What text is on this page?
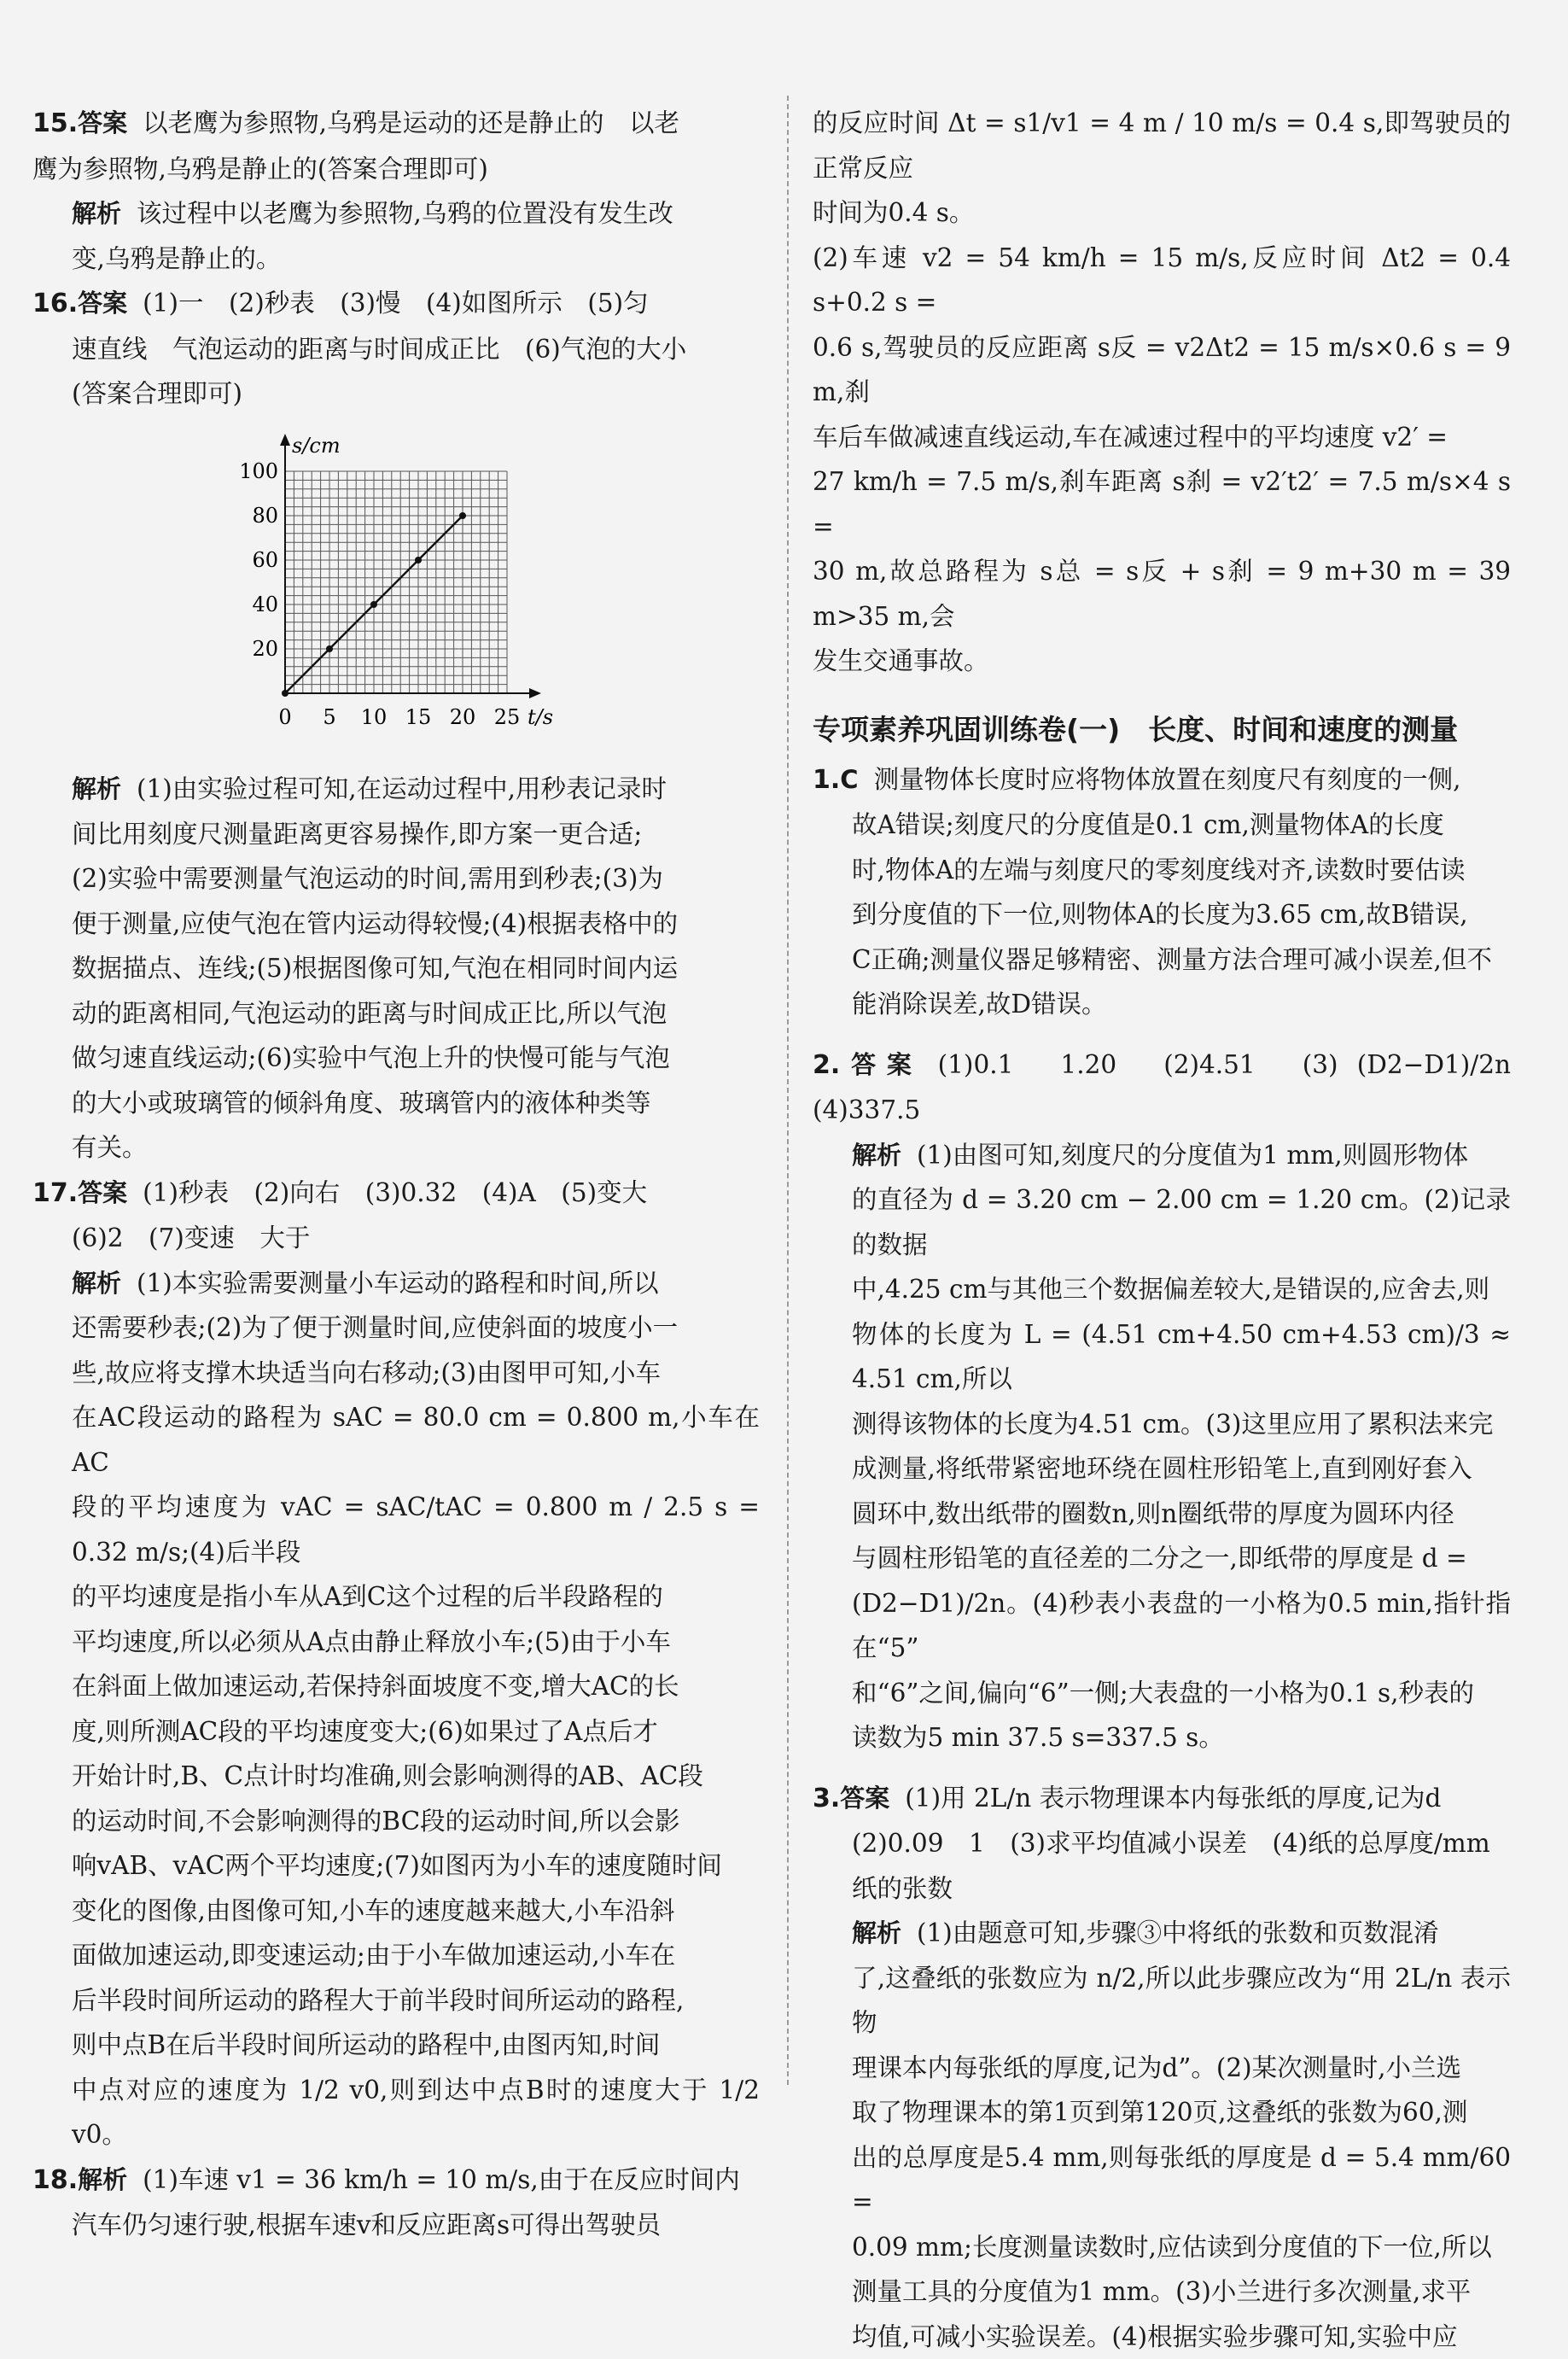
15.答案 以老鹰为参照物,乌鸦是运动的还是静止的　以老

鹰为参照物,乌鸦是静止的(答案合理即可)

解析 该过程中以老鹰为参照物,乌鸦的位置没有发生改

变,乌鸦是静止的。

16.答案 (1)一　(2)秒表　(3)慢　(4)如图所示　(5)匀

速直线　气泡运动的距离与时间成正比　(6)气泡的大小

(答案合理即可)

0 5 10 15 20 25
20
40
60
80
100
s/cm
t/s

解析 (1)由实验过程可知,在运动过程中,用秒表记录时

间比用刻度尺测量距离更容易操作,即方案一更合适;

(2)实验中需要测量气泡运动的时间,需用到秒表;(3)为

便于测量,应使气泡在管内运动得较慢;(4)根据表格中的

数据描点、连线;(5)根据图像可知,气泡在相同时间内运

动的距离相同,气泡运动的距离与时间成正比,所以气泡

做匀速直线运动;(6)实验中气泡上升的快慢可能与气泡

的大小或玻璃管的倾斜角度、玻璃管内的液体种类等

有关。

17.答案 (1)秒表　(2)向右　(3)0.32　(4)A　(5)变大

(6)2　(7)变速　大于

解析 (1)本实验需要测量小车运动的路程和时间,所以

还需要秒表;(2)为了便于测量时间,应使斜面的坡度小一

些,故应将支撑木块适当向右移动;(3)由图甲可知,小车

在AC段运动的路程为 sAC = 80.0 cm = 0.800 m,小车在AC

段的平均速度为 vAC = sAC/tAC = 0.800 m / 2.5 s = 0.32 m/s;(4)后半段

的平均速度是指小车从A到C这个过程的后半段路程的

平均速度,所以必须从A点由静止释放小车;(5)由于小车

在斜面上做加速运动,若保持斜面坡度不变,增大AC的长

度,则所测AC段的平均速度变大;(6)如果过了A点后才

开始计时,B、C点计时均准确,则会影响测得的AB、AC段

的运动时间,不会影响测得的BC段的运动时间,所以会影

响vAB、vAC两个平均速度;(7)如图丙为小车的速度随时间

变化的图像,由图像可知,小车的速度越来越大,小车沿斜

面做加速运动,即变速运动;由于小车做加速运动,小车在

后半段时间所运动的路程大于前半段时间所运动的路程,

则中点B在后半段时间所运动的路程中,由图丙知,时间

中点对应的速度为 1/2 v0,则到达中点B时的速度大于 1/2 v0。

18.解析 (1)车速 v1 = 36 km/h = 10 m/s,由于在反应时间内

汽车仍匀速行驶,根据车速v和反应距离s可得出驾驶员

的反应时间 Δt = s1/v1 = 4 m / 10 m/s = 0.4 s,即驾驶员的正常反应

时间为0.4 s。

(2)车速 v2 = 54 km/h = 15 m/s,反应时间 Δt2 = 0.4 s+0.2 s =

0.6 s,驾驶员的反应距离 s反 = v2Δt2 = 15 m/s×0.6 s = 9 m,刹

车后车做减速直线运动,车在减速过程中的平均速度 v2′ =

27 km/h = 7.5 m/s,刹车距离 s刹 = v2′t2′ = 7.5 m/s×4 s =

30 m,故总路程为 s总 = s反 + s刹 = 9 m+30 m = 39 m>35 m,会

发生交通事故。

专项素养巩固训练卷(一)　长度、时间和速度的测量

1.C 测量物体长度时应将物体放置在刻度尺有刻度的一侧,

故A错误;刻度尺的分度值是0.1 cm,测量物体A的长度

时,物体A的左端与刻度尺的零刻度线对齐,读数时要估读

到分度值的下一位,则物体A的长度为3.65 cm,故B错误,

C正确;测量仪器足够精密、测量方法合理可减小误差,但不

能消除误差,故D错误。

2.答案 (1)0.1　1.20　(2)4.51　(3) (D2−D1)/2n　(4)337.5

解析 (1)由图可知,刻度尺的分度值为1 mm,则圆形物体

的直径为 d = 3.20 cm − 2.00 cm = 1.20 cm。(2)记录的数据

中,4.25 cm与其他三个数据偏差较大,是错误的,应舍去,则

物体的长度为 L = (4.51 cm+4.50 cm+4.53 cm)/3 ≈ 4.51 cm,所以

测得该物体的长度为4.51 cm。(3)这里应用了累积法来完

成测量,将纸带紧密地环绕在圆柱形铅笔上,直到刚好套入

圆环中,数出纸带的圈数n,则n圈纸带的厚度为圆环内径

与圆柱形铅笔的直径差的二分之一,即纸带的厚度是 d =

(D2−D1)/2n。(4)秒表小表盘的一小格为0.5 min,指针指在“5”

和“6”之间,偏向“6”一侧;大表盘的一小格为0.1 s,秒表的

读数为5 min 37.5 s=337.5 s。

3.答案 (1)用 2L/n 表示物理课本内每张纸的厚度,记为d

(2)0.09　1　(3)求平均值减小误差　(4)纸的总厚度/mm

纸的张数

解析 (1)由题意可知,步骤③中将纸的张数和页数混淆

了,这叠纸的张数应为 n/2,所以此步骤应改为“用 2L/n 表示物

理课本内每张纸的厚度,记为d”。(2)某次测量时,小兰选

取了物理课本的第1页到第120页,这叠纸的张数为60,测

出的总厚度是5.4 mm,则每张纸的厚度是 d = 5.4 mm/60 =

0.09 mm;长度测量读数时,应估读到分度值的下一位,所以

测量工具的分度值为1 mm。(3)小兰进行多次测量,求平

均值,可减小实验误差。(4)根据实验步骤可知,实验中应
